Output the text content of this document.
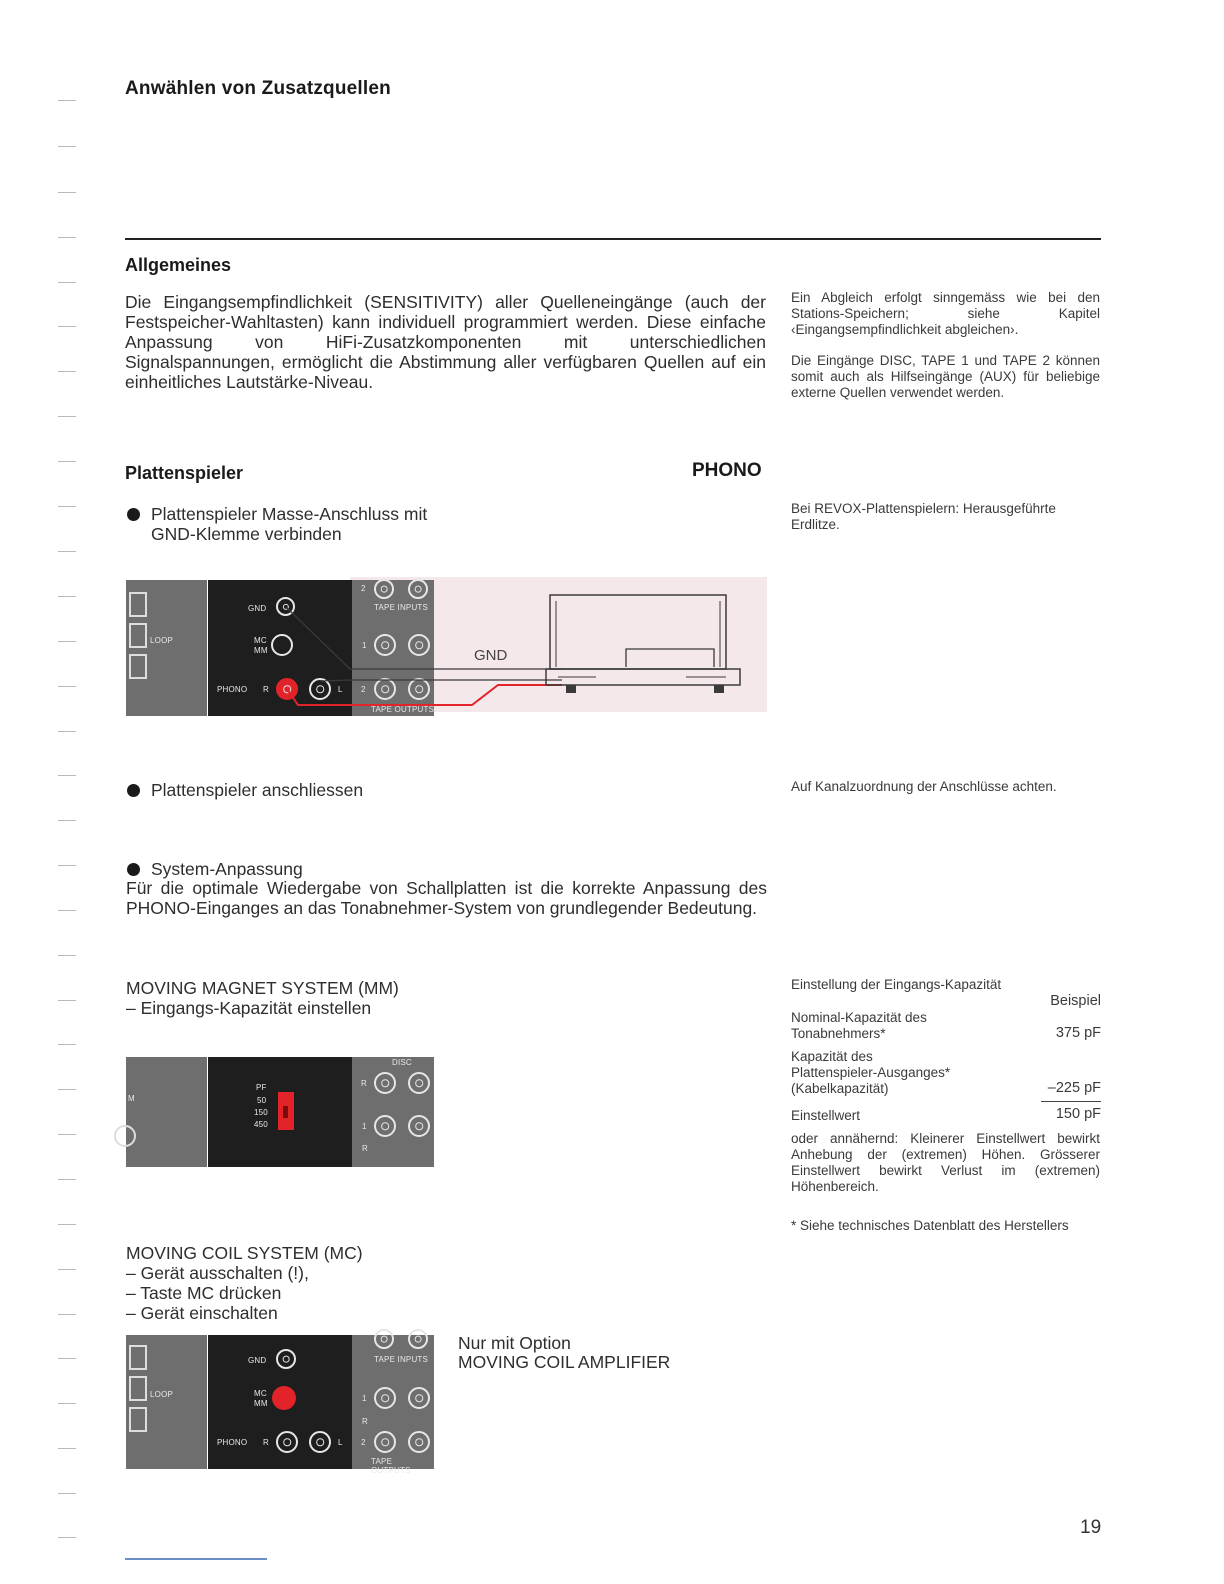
Anwählen von Zusatzquellen
Allgemeines
Die Eingangsempfindlichkeit (SENSITIVITY) aller Quelleneingänge (auch der Festspeicher-Wahltasten) kann individuell programmiert werden. Diese einfache Anpassung von HiFi-Zusatzkomponenten mit unterschiedlichen Signalspannungen, ermöglicht die Abstimmung aller verfügbaren Quellen auf ein einheitliches Lautstärke-Niveau.
Ein Abgleich erfolgt sinngemäss wie bei den Stations-Speichern; siehe Kapitel ‹Eingangsempfindlichkeit abgleichen›.
Die Eingänge DISC, TAPE 1 und TAPE 2 können somit auch als Hilfseingänge (AUX) für beliebige externe Quellen verwendet werden.
Plattenspieler	PHONO
Plattenspieler Masse-Anschluss mit GND-Klemme verbinden
Bei REVOX-Plattenspielern: Herausgeführte Erdlitze.
LOOP
GND
MC
MM
PHONO R	L
2
TAPE INPUTS
1
2
TAPE OUTPUTS
GND
Plattenspieler anschliessen	Auf Kanalzuordnung der Anschlüsse achten.
System-Anpassung
Für die optimale Wiedergabe von Schallplatten ist die korrekte Anpassung des PHONO-Einganges an das Tonabnehmer-System von grundlegender Bedeutung.
MOVING MAGNET SYSTEM (MM)
– Eingangs-Kapazität einstellen
M
PF
50
150
450
DISC
R
1
R
Einstellung der Eingangs-Kapazität
Beispiel
Nominal-Kapazität des Tonabnehmers*	375 pF
Kapazität des Plattenspieler-Ausganges* (Kabelkapazität)	–225 pF
Einstellwert	150 pF
oder annähernd: Kleinerer Einstellwert bewirkt Anhebung der (extremen) Höhen. Grösserer Einstellwert bewirkt Verlust im (extremen) Höhenbereich.
* Siehe technisches Datenblatt des Herstellers
MOVING COIL SYSTEM (MC)
– Gerät ausschalten (!),
– Taste MC drücken
– Gerät einschalten
Nur mit Option
MOVING COIL AMPLIFIER
LOOP
GND
MC
MM
PHONO R	L
TAPE INPUTS
1
R
2
TAPE OUTPUTS
19
